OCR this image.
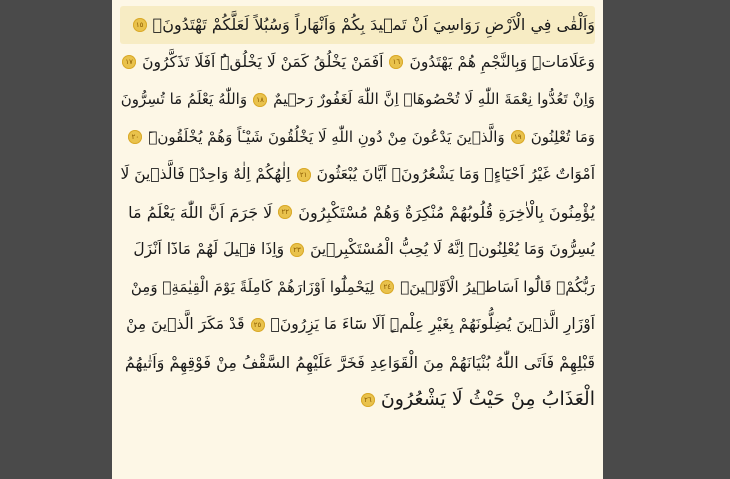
وَاَلْقٰى فِي الْاَرْضِ رَوَاسِيَ اَنْ تَم۪يدَ بِكُمْ وَاَنْهَاراً وَسُبُلاً لَعَلَّكُمْ تَهْتَدُونَۙ
١٥
وَعَلَامَاتٍۜ وَبِالنَّجْمِ هُمْ يَهْتَدُونَ
١٦
اَفَمَنْ يَخْلُقُ كَمَنْ لَا يَخْلُقُۜ اَفَلَا تَذَكَّرُونَ
١٧
وَاِنْ تَعُدُّوا نِعْمَةَ اللّٰهِ لَا تُحْصُوهَاۜ اِنَّ اللّٰهَ لَغَفُورٌ رَح۪يمٌ
١٨
وَاللّٰهُ يَعْلَمُ مَا تُسِرُّونَ
وَمَا تُعْلِنُونَ
١٩
وَالَّذ۪ينَ يَدْعُونَ مِنْ دُونِ اللّٰهِ لَا يَخْلُقُونَ شَيْـٔاً وَهُمْ يُخْلَقُونَۜ
٢٠
اَمْوَاتٌ غَيْرُ اَحْيَٓاءٍۚ وَمَا يَشْعُرُونَۙ اَيَّانَ يُبْعَثُونَ
٢١
اِلٰهُكُمْ اِلٰهٌ وَاحِدٌۚ فَالَّذ۪ينَ لَا
يُؤْمِنُونَ بِالْاٰخِرَةِ قُلُوبُهُمْ مُنْكِرَةٌ وَهُمْ مُسْتَكْبِرُونَ
٢٢
لَا جَرَمَ اَنَّ اللّٰهَ يَعْلَمُ مَا
يُسِرُّونَ وَمَا يُعْلِنُونَۜ اِنَّهُ لَا يُحِبُّ الْمُسْتَكْبِر۪ينَ
٢٣
وَاِذَا ق۪يلَ لَهُمْ مَاذَٓا اَنْزَلَ
رَبُّكُمْۙ قَالُٓوا اَسَاط۪يرُ الْاَوَّل۪ينَۙ
٢٤
لِيَحْمِلُٓوا اَوْزَارَهُمْ كَامِلَةً يَوْمَ الْقِيٰمَةِۙ وَمِنْ
اَوْزَارِ الَّذ۪ينَ يُضِلُّونَهُمْ بِغَيْرِ عِلْمٍۜ اَلَا سَٓاءَ مَا يَزِرُونَ۟
٢٥
قَدْ مَكَرَ الَّذ۪ينَ مِنْ
قَبْلِهِمْ فَاَتَى اللّٰهُ بُنْيَانَهُمْ مِنَ الْقَوَاعِدِ فَخَرَّ عَلَيْهِمُ السَّقْفُ مِنْ فَوْقِهِمْ وَاَتٰيهُمُ
الْعَذَابُ مِنْ حَيْثُ لَا يَشْعُرُونَ
٢٦
